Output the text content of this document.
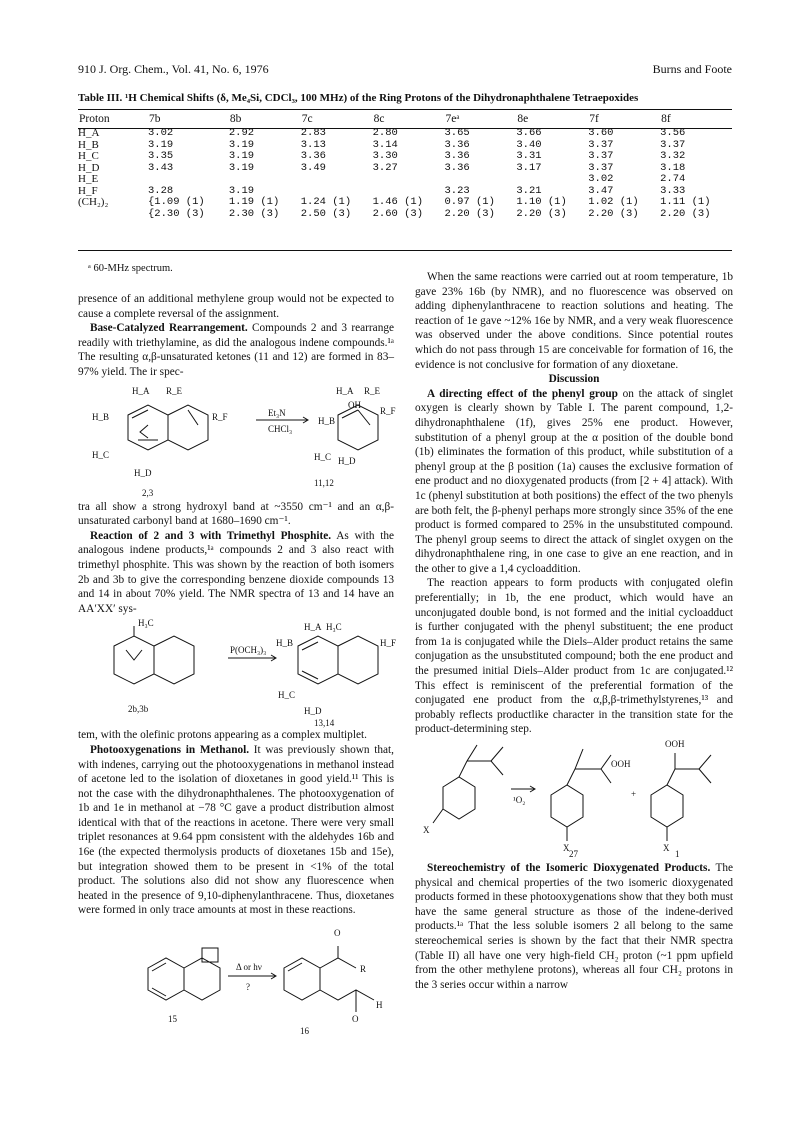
910 J. Org. Chem., Vol. 41, No. 6, 1976	Burns and Foote
Table III. ¹H Chemical Shifts (δ, Me₄Si, CDCl₃, 100 MHz) of the Ring Protons of the Dihydronaphthalene Tetraepoxides
Proton	7b	8b	7c	8c	7eᵃ	8e	7f	8f
H_A	3.02	2.92	2.83	2.80	3.65	3.66	3.60	3.56
H_B	3.19	3.19	3.13	3.14	3.36	3.40	3.37	3.37
H_C	3.35	3.19	3.36	3.30	3.36	3.31	3.37	3.32
H_D	3.43	3.19	3.49	3.27	3.36	3.17	3.37	3.18
H_E							3.02	2.74
H_F	3.28	3.19			3.23	3.21	3.47	3.33
(CH₂)₂	{1.09 (1)	1.19 (1)	1.24 (1)	1.46 (1)	0.97 (1)	1.10 (1)	1.02 (1)	1.11 (1)
	{2.30 (3)	2.30 (3)	2.50 (3)	2.60 (3)	2.20 (3)	2.20 (3)	2.20 (3)	2.20 (3)
ᵃ 60-MHz spectrum.

presence of an additional methylene group would not be expected to cause a complete reversal of the assignment.

Base-Catalyzed Rearrangement. Compounds 2 and 3 rearrange readily with triethylamine, as did the analogous indene compounds.¹ᵃ The resulting α,β-unsaturated ketones (11 and 12) are formed in 83–97% yield. The ir spec-

H_A R_E
H_B	R_F
H_C
H_D
2,3
Et₃N
CHCl₃
H_A R_E
OH
H_B
R_F
H_C H_D
11,12

tra all show a strong hydroxyl band at ~3550 cm⁻¹ and an α,β-unsaturated carbonyl band at 1680–1690 cm⁻¹.

Reaction of 2 and 3 with Trimethyl Phosphite. As with the analogous indene products,¹ᵃ compounds 2 and 3 also react with trimethyl phosphite. This was shown by the reaction of both isomers 2b and 3b to give the corresponding benzene dioxide compounds 13 and 14 in about 70% yield. The NMR spectra of 13 and 14 have an AA′XX′ sys-

H₃C
P(OCH₃)₃
H_A H₃C
H_B	H_F
H_C
H_D
2b,3b
13,14

tem, with the olefinic protons appearing as a complex multiplet.

Photooxygenations in Methanol. It was previously shown that, with indenes, carrying out the photooxygenations in methanol instead of acetone led to the isolation of dioxetanes in good yield.¹¹ This is not the case with the dihydronaphthalenes. The photooxygenation of 1b and 1e in methanol at −78 °C gave a product distribution almost identical with that of the reactions in acetone. There were very small triplet resonances at 9.64 ppm consistent with the aldehydes 16b and 16e (the expected thermolysis products of dioxetanes 15b and 15e), but integration showed them to be present in <1% of the total product. The solutions also did not show any fluorescence when heated in the presence of 9,10-diphenylanthracene. Thus, dioxetanes were formed in only trace amounts at most in these reactions.

O
Δ or hν
?
R
H
O
15
16

When the same reactions were carried out at room temperature, 1b gave 23% 16b (by NMR), and no fluorescence was observed on adding diphenylanthracene to reaction solutions and heating. The reaction of 1e gave ~12% 16e by NMR, and a very weak fluorescence was observed under the above conditions. Since potential routes which do not pass through 15 are conceivable for formation of 16, the evidence is not conclusive for formation of any dioxetane.

Discussion

A directing effect of the phenyl group on the attack of singlet oxygen is clearly shown by Table I. The parent compound, 1,2-dihydronaphthalene (1f), gives 25% ene product. However, substitution of a phenyl group at the α position of the double bond (1b) eliminates the formation of this product, while substitution of a phenyl group at the β position (1a) causes the exclusive formation of ene product and no dioxygenated products (from [2 + 4] attack). With 1c (phenyl substitution at both positions) the effect of the two phenyls are both felt, the β-phenyl perhaps more strongly since 35% of the ene product is formed compared to 25% in the unsubstituted compound. The phenyl group seems to direct the attack of singlet oxygen on the dihydronaphthalene ring, in one case to give an ene reaction, and in the other to give a 1,4 cycloaddition.

The reaction appears to form products with conjugated olefin preferentially; in 1b, the ene product, which would have an unconjugated double bond, is not formed and the initial cycloadduct is further conjugated with the phenyl substituent; the ene product from 1a is conjugated while the Diels–Alder product retains the same conjugation as the unsubstituted compound; both the ene product and the presumed initial Diels–Alder product from 1c are conjugated.¹² This effect is reminiscent of the preferential formation of the conjugated ene product from the α,β,β-trimethylstyrenes,¹³ and probably reflects productlike character in the transition state for the product-determining step.

¹O₂
OOH
+
OOH
X
X	X
27	1

Stereochemistry of the Isomeric Dioxygenated Products. The physical and chemical properties of the two isomeric dioxygenated products formed in these photooxygenations show that they both must have the same general structure as those of the indene-derived products.¹ᵃ That the less soluble isomers 2 all belong to the same stereochemical series is shown by the fact that their NMR spectra (Table II) all have one very high-field CH₂ proton (~1 ppm upfield from the other methylene protons), whereas all four CH₂ protons in the 3 series occur within a narrow
